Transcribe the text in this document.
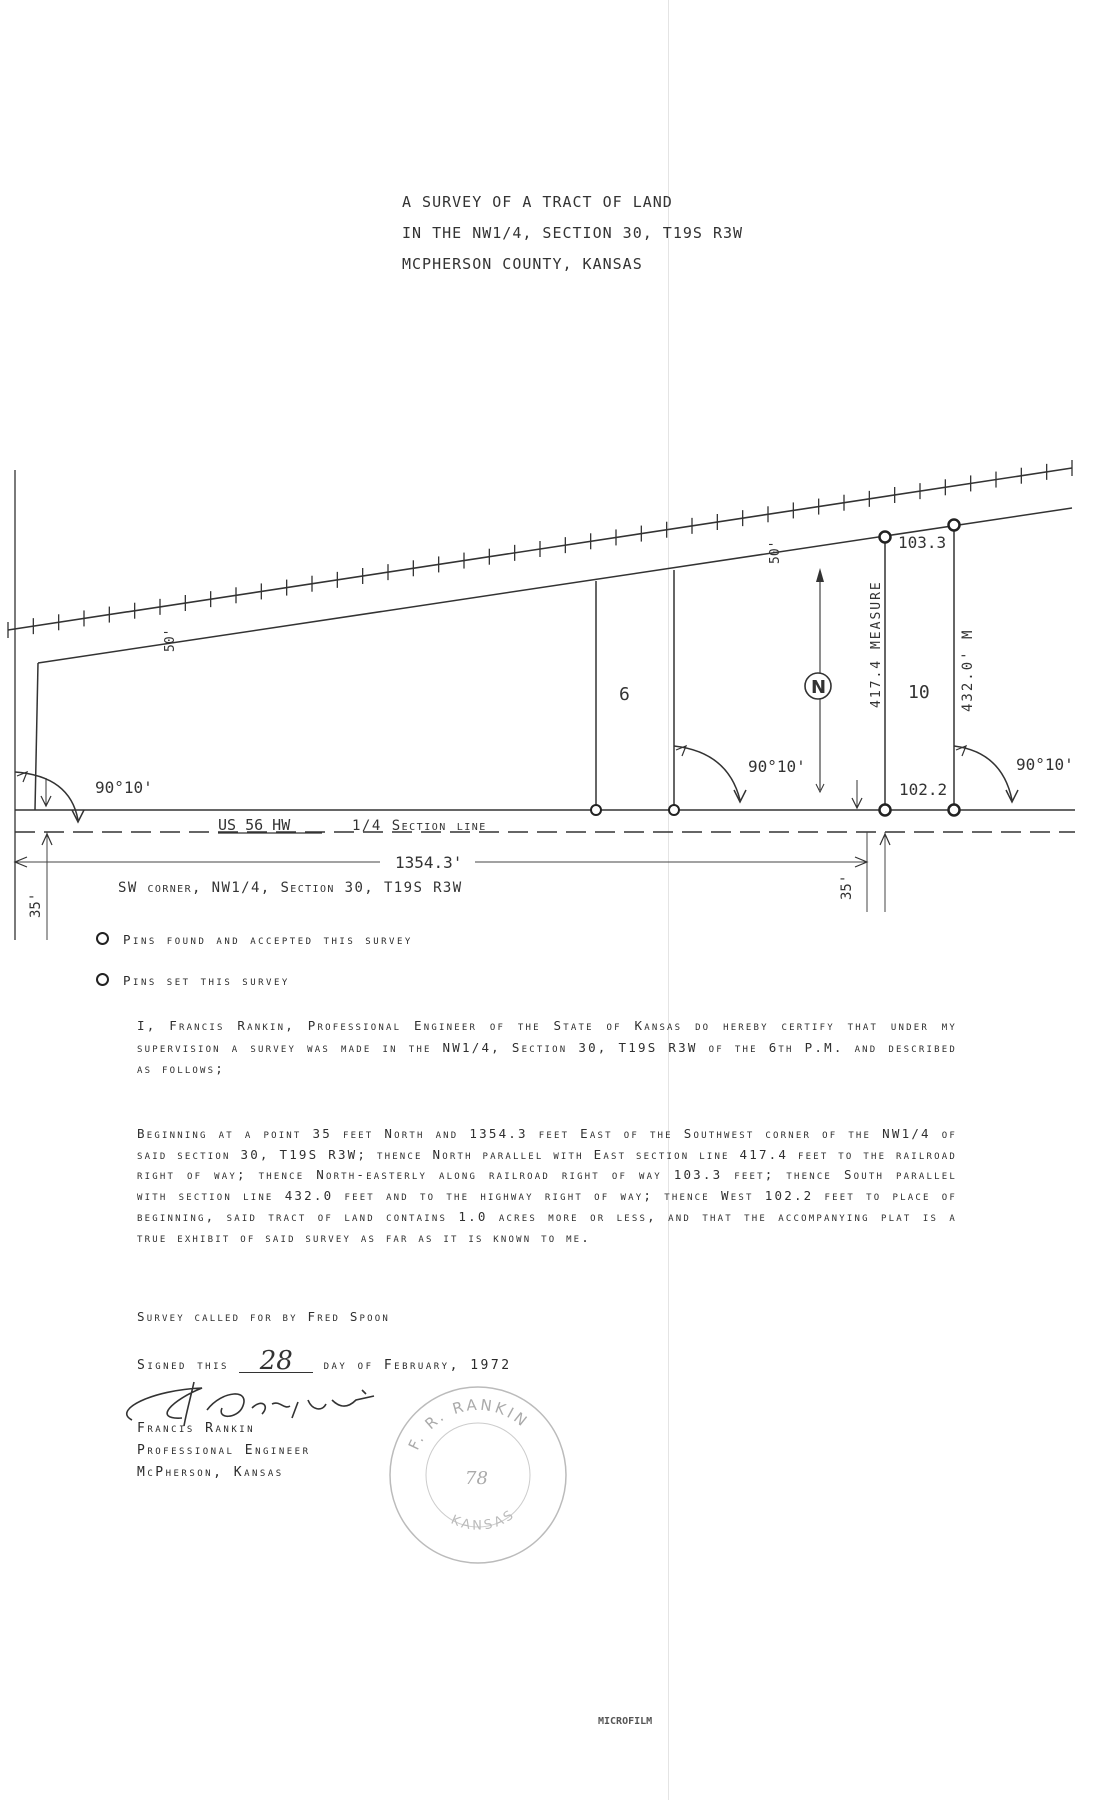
A SURVEY OF A TRACT OF LAND
IN THE NW1/4, SECTION 30, T19S R3W
MCPHERSON COUNTY, KANSAS
1354.3'
35'
35'
90°10'
90°10'	90°10'
N
6	10
103.3
102.2
417.4 MEASURE	432.0' M
50'
50'
US 56 HW	1/4 Section line
SW corner, NW1/4, Section 30, T19S R3W
Pins found and accepted this survey
Pins set this survey

I, Francis Rankin, Professional Engineer of the State of Kansas do hereby certify that under my supervision a survey was made in the NW1/4, Section 30, T19S R3W of the 6th P.M. and described as follows;

Beginning at a point 35 feet North and 1354.3 feet East of the Southwest corner of the NW1/4 of said section 30, T19S R3W; thence North parallel with East section line 417.4 feet to the railroad right of way; thence North-easterly along railroad right of way 103.3 feet; thence South parallel with section line 432.0 feet and to the highway right of way; thence West 102.2 feet to place of beginning, said tract of land contains 1.0 acres more or less, and that the accompanying plat is a true exhibit of said survey as far as it is known to me.

Survey called for by Fred Spoon

Signed this 28 day of February, 1972
Francis Rankin
Professional Engineer
McPherson, Kansas
F. R. RANKIN
KANSAS
78
MICROFILM
